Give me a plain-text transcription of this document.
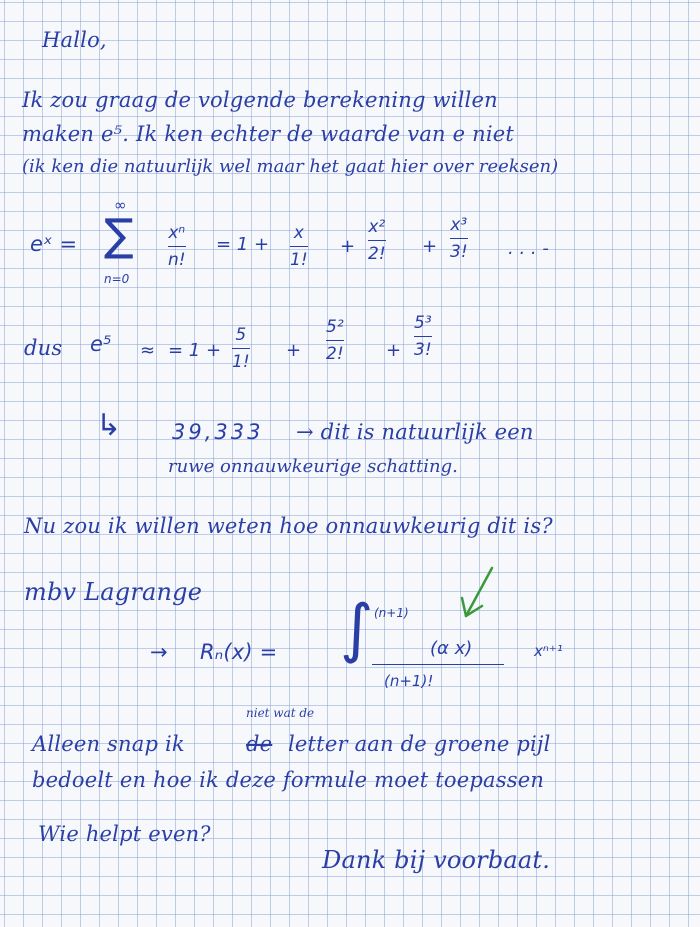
Hallo,
Ik zou graag de volgende berekening willen
maken e⁵. Ik ken echter de waarde van e niet
(ik ken die natuurlijk wel maar het gaat hier over reeksen)
eˣ =
∞
∑
n=0
xⁿ
n!
= 1 +
x
1!
+
x²
2! +
x³
3! . . . -
dus e⁵ ≈ = 1 +
5
1!
+
5²
2! +
5³
3!
↳ 39,333 → dit is natuurlijk een
ruwe onnauwkeurige schatting.
Nu zou ik willen weten hoe onnauwkeurig dit is?
mbv Lagrange
→ Rₙ(x) = ∫ (n+1)
(α x)
(n+1)!
xⁿ⁺¹
niet wat de
Alleen snap ik	de letter aan de groene pijl
bedoelt en hoe ik deze formule moet toepassen
Wie helpt even?
Dank bij voorbaat.
